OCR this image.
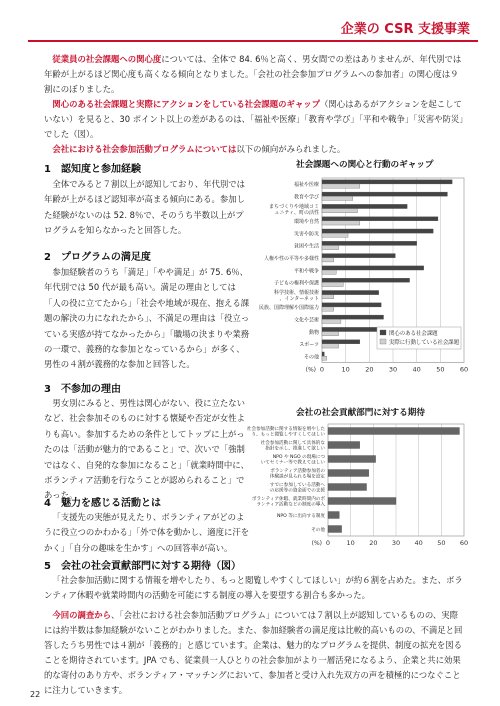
企業の CSR 支援事業

従業員の社会課題への関心度については、全体で 84. 6％と高く、男女間での差はありませんが、年代別では年齢が上がるほど関心度も高くなる傾向となりました。「会社の社会参加プログラムへの参加者」の関心度は９割にのぼりました。

関心のある社会課題と実際にアクションをしている社会課題のギャップ（関心はあるがアクションを起こしていない）を見ると、30 ポイント以上の差があるのは、「福祉や医療」「教育や学び」「平和や戦争」「災害や防災」でした（図）。

会社における社会参加活動プログラムについては以下の傾向がみられました。

1　認知度と参加経験

全体でみると７割以上が認知しており、年代別では年齢が上がるほど認知率が高まる傾向にある。参加した経験がないのは 52. 8％で、そのうち半数以上がプログラムを知らなかったと回答した。

2　プログラムの満足度

参加経験者のうち「満足」「やや満足」が 75. 6％、年代別では 50 代が最も高い。満足の理由としては「人の役に立てたから」「社会や地域が現在、抱える課題の解決の力になれたから」、不満足の理由は「役立っている実感が持てなかったから」「職場の決まりや業務の一環で、義務的な参加となっているから」が多く、男性の４割が義務的な参加と回答した。

3　不参加の理由

男女別にみると、男性は関心がない、役に立たないなど、社会参加そのものに対する懐疑や否定が女性よりも高い。参加するための条件としてトップに上がったのは「活動が魅力的であること」で、次いで「強制ではなく、自発的な参加になること」「就業時間中に、ボランティア活動を行なうことが認められること」であった。

4　魅力を感じる活動とは

「支援先の実態が見えたり、ボランティアがどのように役立つのかわかる」「外で体を動かし、適度に汗をかく」「自分の趣味を生かす」への回答率が高い。

5　会社の社会貢献部門に対する期待（図）

「社会参加活動に関する情報を増やしたり、もっと閲覧しやすくしてほしい」が約６割を占めた。また、ボランティア休暇や就業時間内の活動を可能にする制度の導入を要望する割合も多かった。

今回の調査から、「会社における社会参加活動プログラム」については７割以上が認知しているものの、実際には約半数は参加経験がないことがわかりました。また、参加経験者の満足度は比較的高いものの、不満足と回答したうち男性では４割が「義務的」と感じています。企業は、魅力的なプログラムを提供、制度の拡充を図ることを期待されています。JPA でも、従業員一人ひとりの社会参加がより一層活発になるよう、企業と共に効果的な寄付のあり方や、ボランティア・マッチングにおいて、参加者と受け入れ先双方の声を積極的につなぐことに注力していきます。

社会課題への関心と行動のギャップ
0	10 20 30 40 50 60
(%)
福祉や医療
教育や学び
まちづくりや地域コミ
ュニティ、町の活性
環境や自然
災害や防災
貧困や生活
人権や性の平等や多様性
平和や戦争
子どもの権利や保護
科学技術、情報技術
、インターネット
民族、国際理解や国際協力
文化や芸術
動物
スポーツ
その他
関心のある社会課題
実際に行動している社会課題
会社の社会貢献部門に対する期待
0	10 20 30 40 50 60
(%)
社会参加活動に関する情報を増やした
り、もっと閲覧しやすくしてほしい
社会参加活動に関して具体的な
指針を示し、推進して欲しい
NPO や NGO の現場につ
いてセミナー等で教えてほしい
ボランティア活動参加者の
体験談が見られる場を設定
すでに参加している活動へ
の応援等の資金面での支援
ボランティア休暇、就業時間内のボ
ランティア活動などの制度の導入
NPO 等に出向する制度
その他
22
